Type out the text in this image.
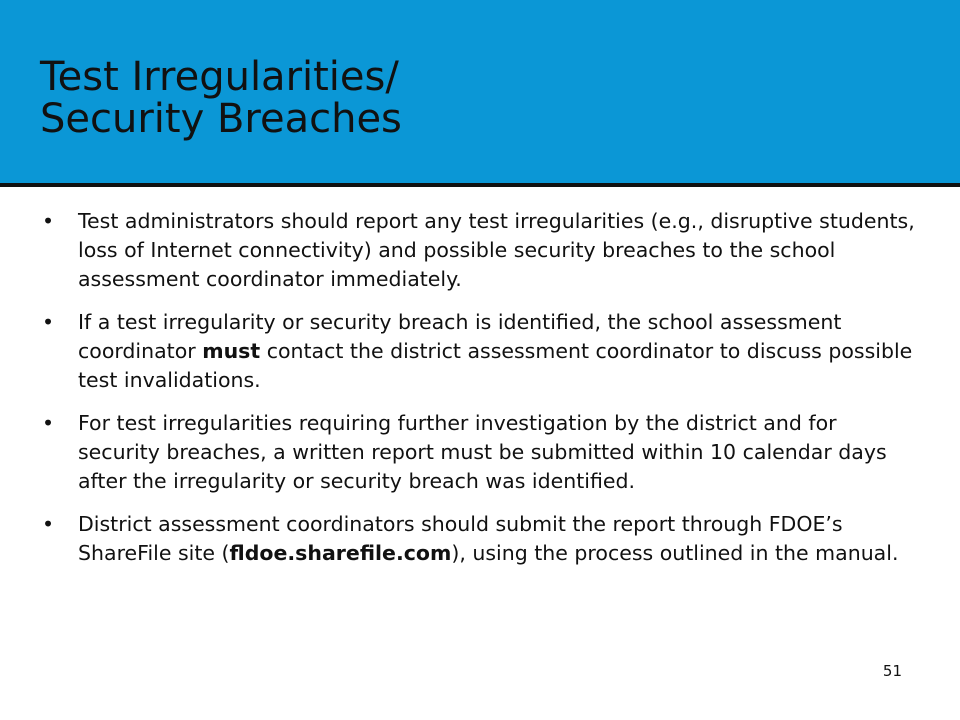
Test Irregularities/
Security Breaches
•
Test administrators should report any test irregularities (e.g., disruptive students, loss of Internet connectivity) and possible security breaches to the school assessment coordinator immediately.
•
If a test irregularity or security breach is identified, the school assessment coordinator must contact the district assessment coordinator to discuss possible test invalidations.
•
For test irregularities requiring further investigation by the district and for security breaches, a written report must be submitted within 10 calendar days after the irregularity or security breach was identified.
•
District assessment coordinators should submit the report through FDOE’s ShareFile site (fldoe.sharefile.com), using the process outlined in the manual.
51
